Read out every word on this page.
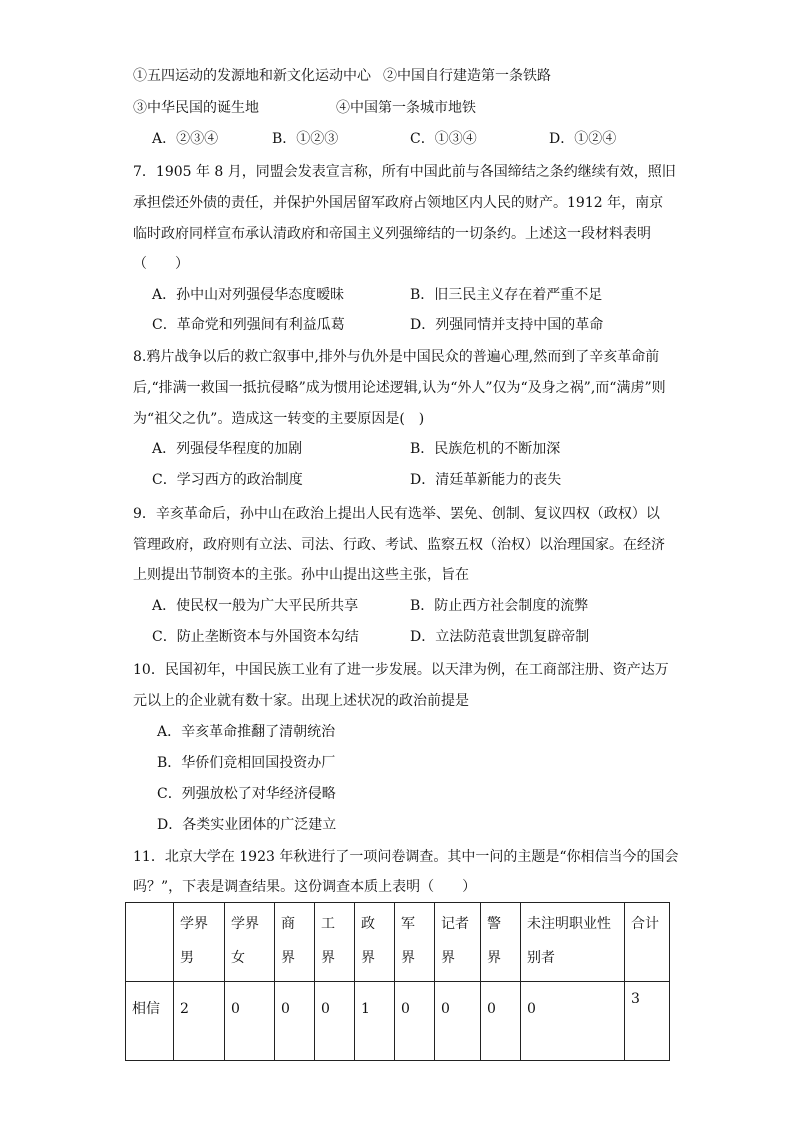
①五四运动的发源地和新文化运动中心 ②中国自行建造第一条铁路
③中华民国的诞生地	④中国第一条城市地铁
A．②③④	B．①②③	C．①③④	D．①②④
7．1905 年 8 月，同盟会发表宣言称，所有中国此前与各国缔结之条约继续有效，照旧
承担偿还外债的责任，并保护外国居留军政府占领地区内人民的财产。1912 年，南京
临时政府同样宣布承认清政府和帝国主义列强缔结的一切条约。上述这一段材料表明
（　　）
A．孙中山对列强侵华态度暧昧	B．旧三民主义存在着严重不足
C．革命党和列强间有利益瓜葛	D．列强同情并支持中国的革命
8.鸦片战争以后的救亡叙事中,排外与仇外是中国民众的普遍心理,然而到了辛亥革命前
后,“排满一救国一抵抗侵略”成为惯用论述逻辑,认为“外人”仅为“及身之祸”,而“满虏”则
为“祖父之仇”。造成这一转变的主要原因是(　)
A．列强侵华程度的加剧	B．民族危机的不断加深
C．学习西方的政治制度	D．清廷革新能力的丧失
9．辛亥革命后，孙中山在政治上提出人民有选举、罢免、创制、复议四权（政权）以
管理政府，政府则有立法、司法、行政、考试、监察五权（治权）以治理国家。在经济
上则提出节制资本的主张。孙中山提出这些主张，旨在
A．使民权一般为广大平民所共享	B．防止西方社会制度的流弊
C．防止垄断资本与外国资本勾结	D．立法防范袁世凯复辟帝制
10．民国初年，中国民族工业有了进一步发展。以天津为例，在工商部注册、资产达万
元以上的企业就有数十家。出现上述状况的政治前提是
A．辛亥革命推翻了清朝统治
B．华侨们竞相回国投资办厂
C．列强放松了对华经济侵略
D．各类实业团体的广泛建立
11．北京大学在 1923 年秋进行了一项问卷调查。其中一问的主题是“你相信当今的国会
吗？”，下表是调查结果。这份调查本质上表明（　　）

	学界男	学界女	商界	工界	政界	军界	记者界	警界	未注明职业性别者	合计

相信	2	0	0	0	1	0	0	0	0	3
